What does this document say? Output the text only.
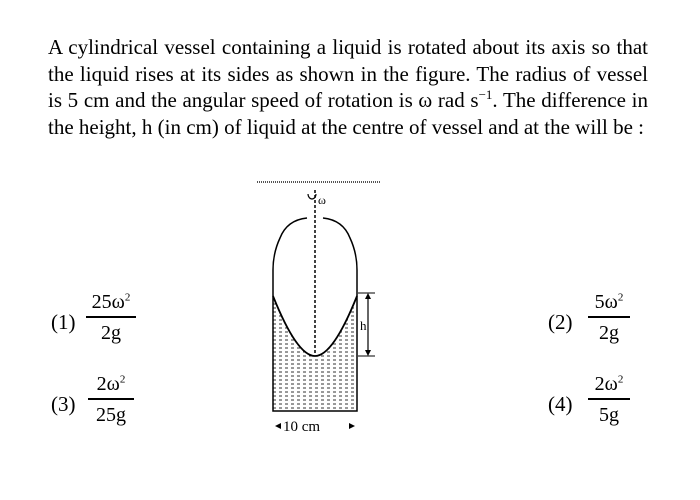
A cylindrical vessel containing a liquid is rotated about its axis so that the liquid rises at its sides as shown in the figure. The radius of vessel is 5 cm and the angular speed of rotation is ω rad $s^{-1}$. The difference in the height, h (in cm) of liquid at the centre of vessel and at the will be :
ω
h
10 cm
(1)
$25\omega^2$
2g	(2)
$5\omega^2$
2g
(3)
$2\omega^2$
25g	(4)
$2\omega^2$
5g
